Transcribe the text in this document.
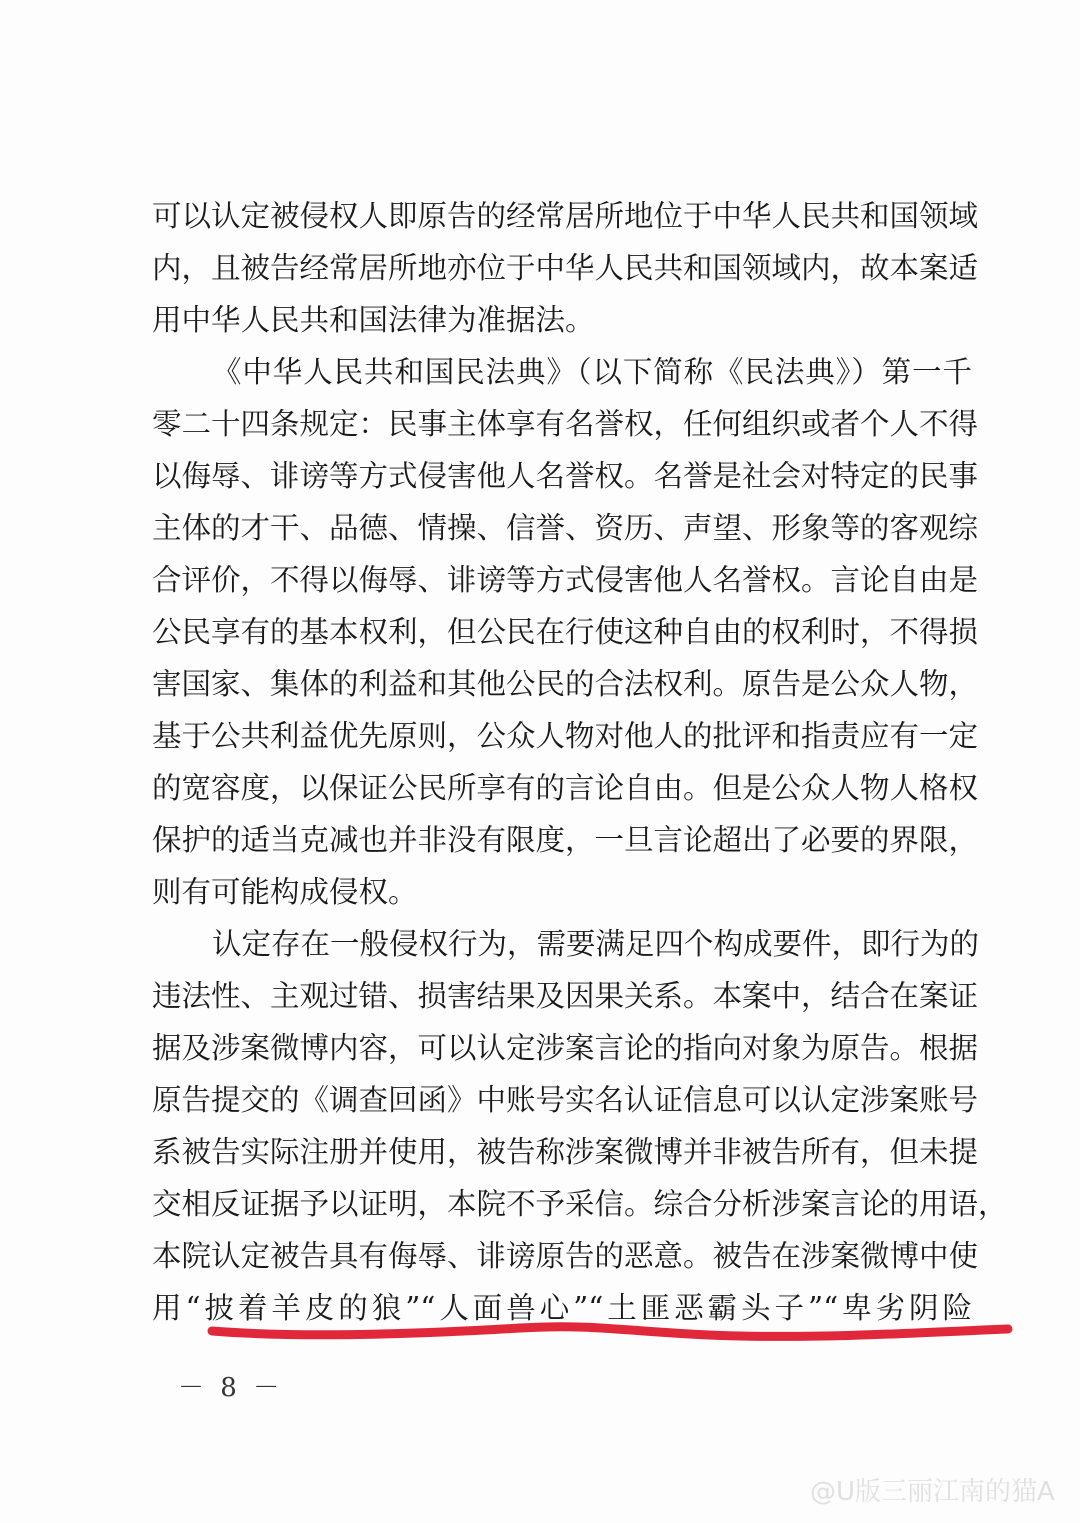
可以认定被侵权人即原告的经常居所地位于中华人民共和国领域
内，且被告经常居所地亦位于中华人民共和国领域内，故本案适
用中华人民共和国法律为准据法。
《中华人民共和国民法典》（以下简称《民法典》）第一千
零二十四条规定：民事主体享有名誉权，任何组织或者个人不得
以侮辱、诽谤等方式侵害他人名誉权。名誉是社会对特定的民事
主体的才干、品德、情操、信誉、资历、声望、形象等的客观综
合评价，不得以侮辱、诽谤等方式侵害他人名誉权。言论自由是
公民享有的基本权利，但公民在行使这种自由的权利时，不得损
害国家、集体的利益和其他公民的合法权利。原告是公众人物，
基于公共利益优先原则，公众人物对他人的批评和指责应有一定
的宽容度，以保证公民所享有的言论自由。但是公众人物人格权
保护的适当克减也并非没有限度，一旦言论超出了必要的界限，
则有可能构成侵权。
认定存在一般侵权行为，需要满足四个构成要件，即行为的
违法性、主观过错、损害结果及因果关系。本案中，结合在案证
据及涉案微博内容，可以认定涉案言论的指向对象为原告。根据
原告提交的《调查回函》中账号实名认证信息可以认定涉案账号
系被告实际注册并使用，被告称涉案微博并非被告所有，但未提
交相反证据予以证明，本院不予采信。综合分析涉案言论的用语，
本院认定被告具有侮辱、诽谤原告的恶意。被告在涉案微博中使
用“披着羊皮的狼”“人面兽心”“土匪恶霸头子”“卑劣阴险
－ 8 －
@U版三丽江南的猫A
